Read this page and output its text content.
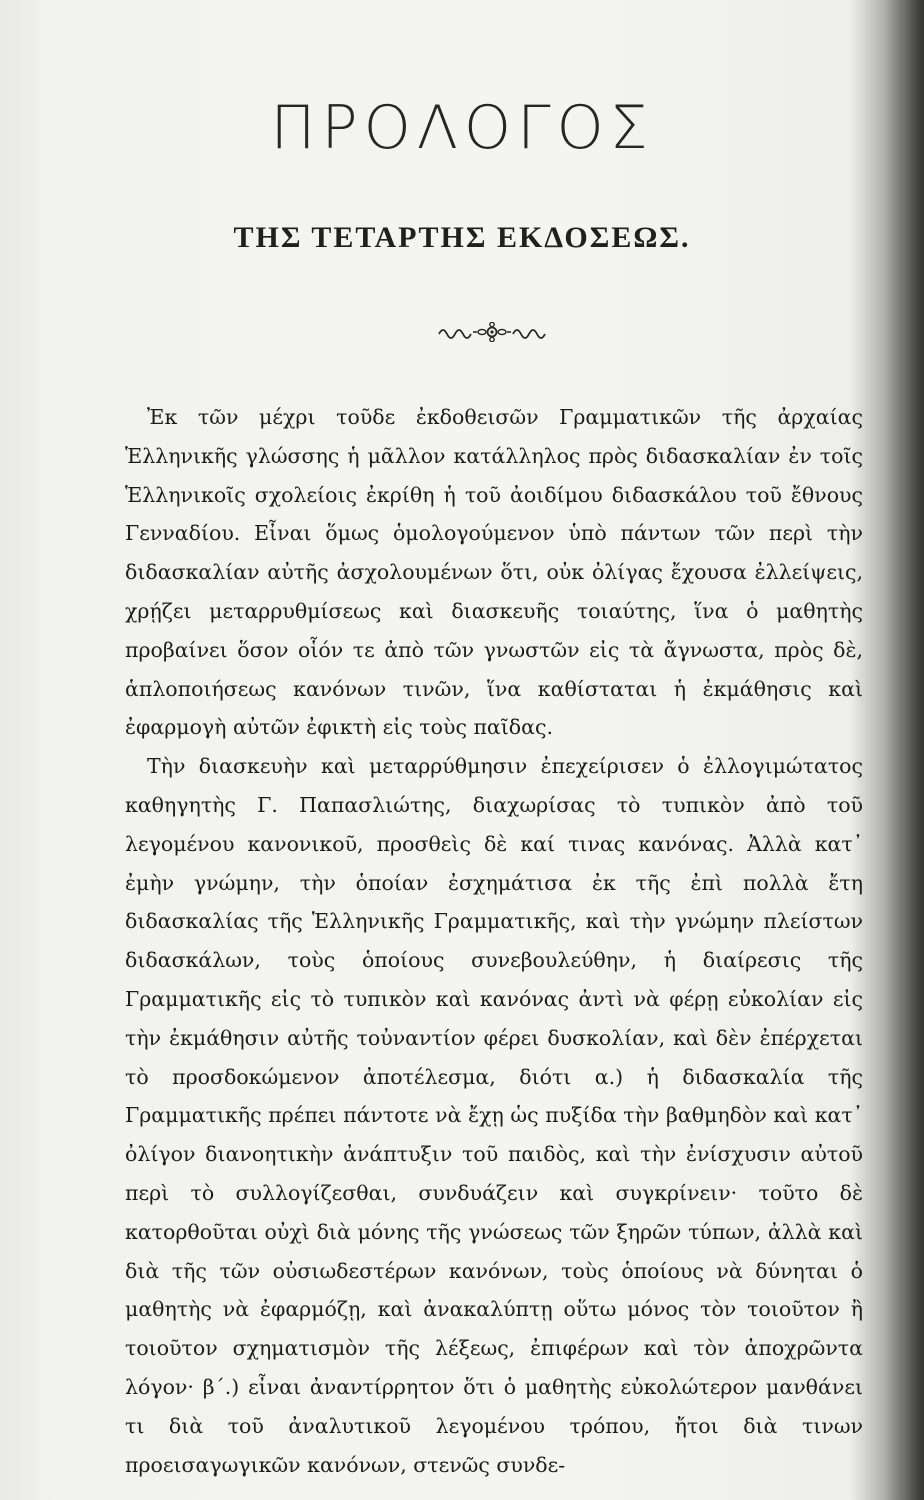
ΠΡΟΛΟΓΟΣ
ΤΗΣ ΤΕΤΑΡΤΗΣ ΕΚΔΟΣΕΩΣ.

Ἐκ τῶν μέχρι τοῦδε ἐκδοθεισῶν Γραμματικῶν τῆς ἀρχαίας Ἑλληνικῆς γλώσσης ἡ μᾶλλον κατάλληλος πρὸς διδασκαλίαν ἐν τοῖς Ἑλληνικοῖς σχολείοις ἐκρίθη ἡ τοῦ ἀοιδίμου διδασκάλου τοῦ ἔθνους Γενναδίου. Εἶναι ὅμως ὁμολογούμενον ὑπὸ πάντων τῶν περὶ τὴν διδασκαλίαν αὐτῆς ἀσχολουμένων ὅτι, οὐκ ὀλίγας ἔχουσα ἐλλείψεις, χρῄζει μεταρρυθμίσεως καὶ διασκευῆς τοιαύτης, ἵνα ὁ μαθητὴς προβαίνει ὅσον οἷόν τε ἀπὸ τῶν γνωστῶν εἰς τὰ ἄγνωστα, πρὸς δὲ, ἁπλοποιήσεως κανόνων τινῶν, ἵνα καθίσταται ἡ ἐκμάθησις καὶ ἐφαρμογὴ αὐτῶν ἐφικτὴ εἰς τοὺς παῖδας.

Τὴν διασκευὴν καὶ μεταρρύθμησιν ἐπεχείρισεν ὁ ἐλλογιμώτατος καθηγητὴς Γ. Παπασλιώτης, διαχωρίσας τὸ τυπικὸν ἀπὸ τοῦ λεγομένου κανονικοῦ, προσθεὶς δὲ καί τινας κανόνας. Ἀλλὰ κατ᾿ ἐμὴν γνώμην, τὴν ὁποίαν ἐσχημάτισα ἐκ τῆς ἐπὶ πολλὰ ἔτη διδασκαλίας τῆς Ἑλληνικῆς Γραμματικῆς, καὶ τὴν γνώμην πλείστων διδασκάλων, τοὺς ὁποίους συνεβουλεύθην, ἡ διαίρεσις τῆς Γραμματικῆς εἰς τὸ τυπικὸν καὶ κανόνας ἀντὶ νὰ φέρῃ εὐκολίαν εἰς τὴν ἐκμάθησιν αὐτῆς τοὐναντίον φέρει δυσκολίαν, καὶ δὲν ἐπέρχεται τὸ προσδοκώμενον ἀποτέλεσμα, διότι α.) ἡ διδασκαλία τῆς Γραμματικῆς πρέπει πάντοτε νὰ ἔχῃ ὡς πυξίδα τὴν βαθμηδὸν καὶ κατ᾿ ὀλίγον διανοητικὴν ἀνάπτυξιν τοῦ παιδὸς, καὶ τὴν ἐνίσχυσιν αὐτοῦ περὶ τὸ συλλογίζεσθαι, συνδυάζειν καὶ συγκρίνειν· τοῦτο δὲ κατορθοῦται οὐχὶ διὰ μόνης τῆς γνώσεως τῶν ξηρῶν τύπων, ἀλλὰ καὶ διὰ τῆς τῶν οὐσιωδεστέρων κανόνων, τοὺς ὁποίους νὰ δύνηται ὁ μαθητὴς νὰ ἐφαρμόζῃ, καὶ ἀνακαλύπτῃ οὕτω μόνος τὸν τοιοῦτον ἢ τοιοῦτον σχηματισμὸν τῆς λέξεως, ἐπιφέρων καὶ τὸν ἀποχρῶντα λόγον· β΄.) εἶναι ἀναντίρρητον ὅτι ὁ μαθητὴς εὐκολώτερον μανθάνει τι διὰ τοῦ ἀναλυτικοῦ λεγομένου τρόπου, ἤτοι διὰ τινων προεισαγωγικῶν κανόνων, στενῶς συνδε-
